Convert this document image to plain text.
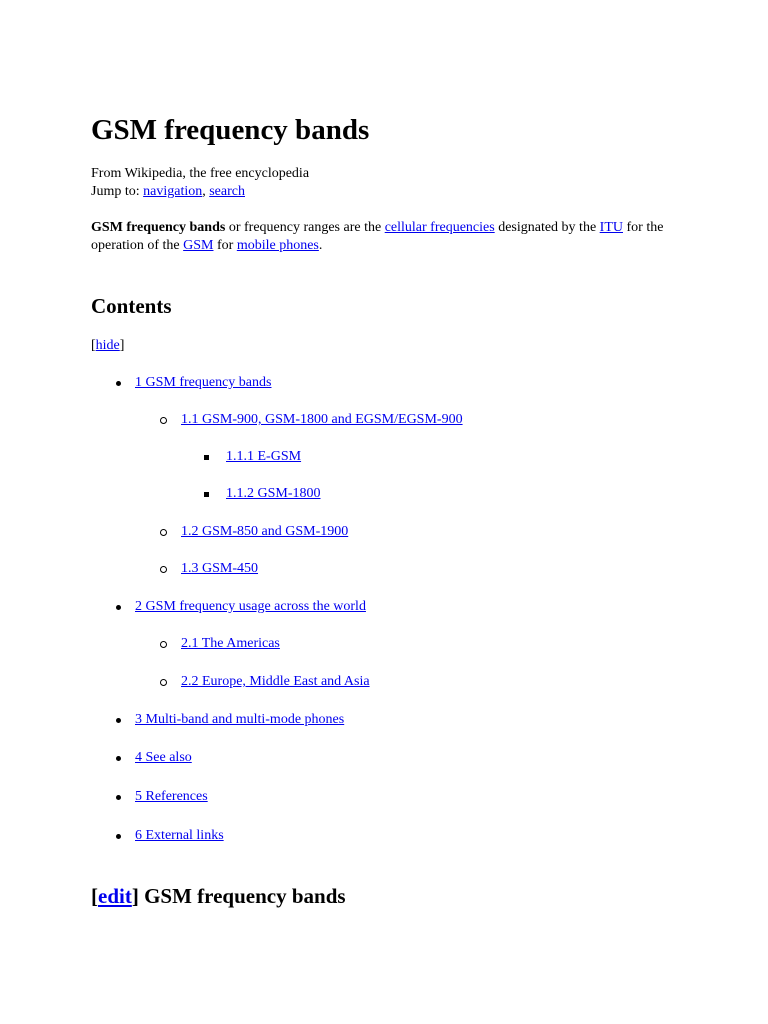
GSM frequency bands
From Wikipedia, the free encyclopedia
Jump to: navigation, search
GSM frequency bands or frequency ranges are the cellular frequencies designated by the ITU for the operation of the GSM for mobile phones.
Contents
[hide]
1 GSM frequency bands
1.1 GSM-900, GSM-1800 and EGSM/EGSM-900
1.1.1 E-GSM
1.1.2 GSM-1800
1.2 GSM-850 and GSM-1900
1.3 GSM-450
2 GSM frequency usage across the world
2.1 The Americas
2.2 Europe, Middle East and Asia
3 Multi-band and multi-mode phones
4 See also
5 References
6 External links
[edit] GSM frequency bands
